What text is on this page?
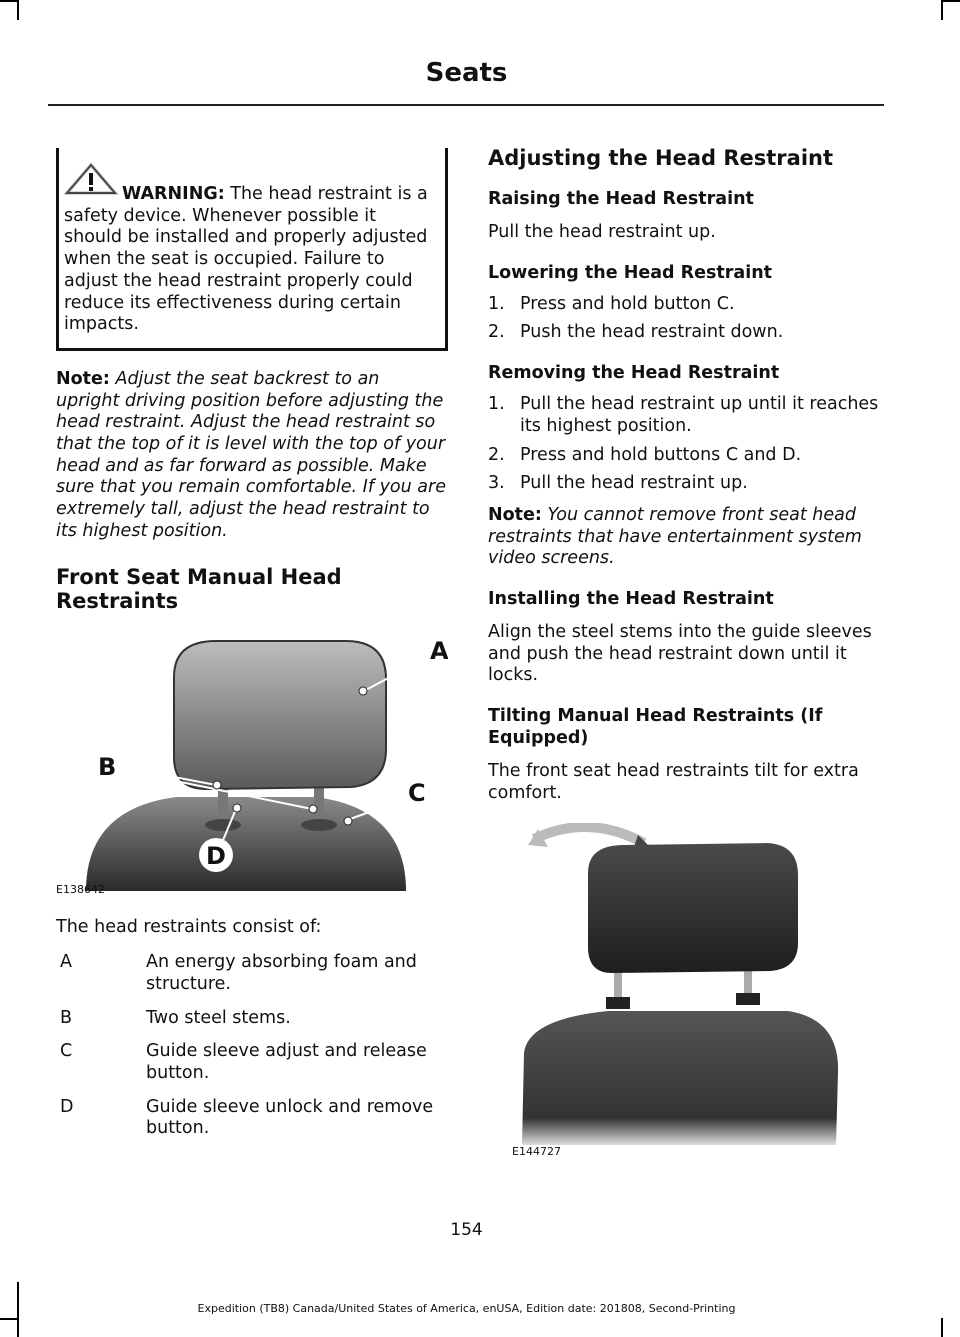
Seats
WARNING: The head restraint is a safety device. Whenever possible it should be installed and properly adjusted when the seat is occupied. Failure to adjust the head restraint properly could reduce its effectiveness during certain impacts.
Note: Adjust the seat backrest to an upright driving position before adjusting the head restraint. Adjust the head restraint so that the top of it is level with the top of your head and as far forward as possible. Make sure that you remain comfortable. If you are extremely tall, adjust the head restraint to its highest position.
Front Seat Manual Head Restraints
A
B
C
D
E138642

The head restraints consist of:

A	An energy absorbing foam and structure.
B	Two steel stems.
C	Guide sleeve adjust and release button.
D	Guide sleeve unlock and remove button.
Adjusting the Head Restraint
Raising the Head Restraint

Pull the head restraint up.

Lowering the Head Restraint
1. Press and hold button C.
2. Push the head restraint down.
Removing the Head Restraint
1. Pull the head restraint up until it reaches its highest position.
2. Press and hold buttons C and D.
3. Pull the head restraint up.
Note: You cannot remove front seat head restraints that have entertainment system video screens.
Installing the Head Restraint

Align the steel stems into the guide sleeves and push the head restraint down until it locks.

Tilting Manual Head Restraints (If Equipped)

The front seat head restraints tilt for extra comfort.

E144727
154
Expedition (TB8) Canada/United States of America, enUSA, Edition date: 201808, Second-Printing
